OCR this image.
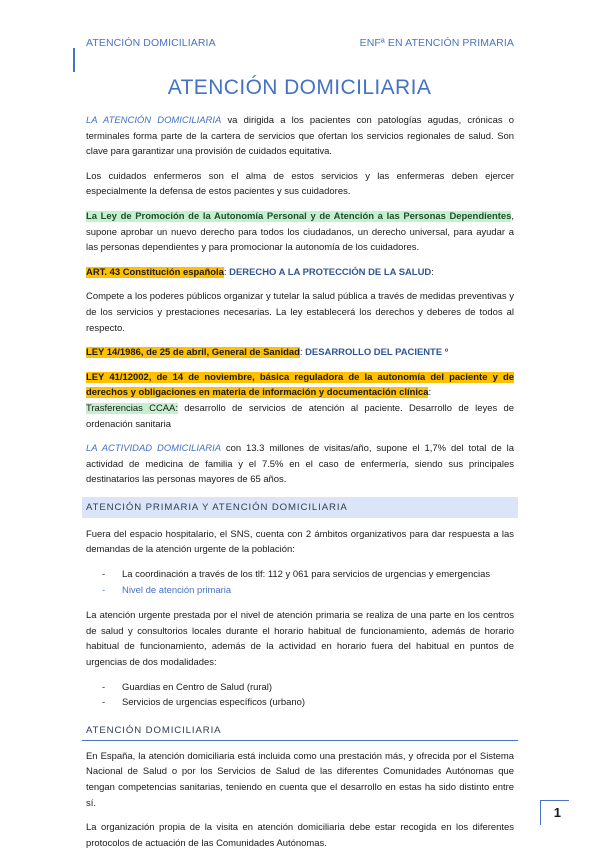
ATENCIÓN DOMICILIARIA	ENFª EN ATENCIÓN PRIMARIA
ATENCIÓN DOMICILIARIA

LA ATENCIÓN DOMICILIARIA va dirigida a los pacientes con patologías agudas, crónicas o terminales forma parte de la cartera de servicios que ofertan los servicios regionales de salud. Son clave para garantizar una provisión de cuidados equitativa.

Los cuidados enfermeros son el alma de estos servicios y las enfermeras deben ejercer especialmente la defensa de estos pacientes y sus cuidadores.

La Ley de Promoción de la Autonomía Personal y de Atención a las Personas Dependientes, supone aprobar un nuevo derecho para todos los ciudadanos, un derecho universal, para ayudar a las personas dependientes y para promocionar la autonomía de los cuidadores.

ART. 43 Constitución española: DERECHO A LA PROTECCIÓN DE LA SALUD:

Compete a los poderes públicos organizar y tutelar la salud pública a través de medidas preventivas y de los servicios y prestaciones necesarias. La ley establecerá los derechos y deberes de todos al respecto.

LEY 14/1986, de 25 de abril, General de Sanidad: DESARROLLO DEL PACIENTE º

LEY 41/12002, de 14 de noviembre, básica reguladora de la autonomía del paciente y de derechos y obligaciones en materia de información y documentación clínica:
Trasferencias CCAA: desarrollo de servicios de atención al paciente. Desarrollo de leyes de ordenación sanitaria

LA ACTIVIDAD DOMICILIARIA con 13.3 millones de visitas/año, supone el 1,7% del total de la actividad de medicina de familia y el 7.5% en el caso de enfermería, siendo sus principales destinatarios las personas mayores de 65 años.

ATENCIÓN PRIMARIA Y ATENCIÓN DOMICILIARIA

Fuera del espacio hospitalario, el SNS, cuenta con 2 ámbitos organizativos para dar respuesta a las demandas de la atención urgente de la población:

- La coordinación a través de los tlf: 112 y 061 para servicios de urgencias y emergencias
- Nivel de atención primaria

La atención urgente prestada por el nivel de atención primaria se realiza de una parte en los centros de salud y consultorios locales durante el horario habitual de funcionamiento, además de horario habitual de funcionamiento, además de la actividad en horario fuera del habitual en puntos de urgencias de dos modalidades:

- Guardias en Centro de Salud (rural)
- Servicios de urgencias específicos (urbano)
ATENCIÓN DOMICILIARIA

En España, la atención domiciliaria está incluida como una prestación más, y ofrecida por el Sistema Nacional de Salud o por los Servicios de Salud de las diferentes Comunidades Autónomas que tengan competencias sanitarias, teniendo en cuenta que el desarrollo en estas ha sido distinto entre sí.

La organización propia de la visita en atención domiciliaria debe estar recogida en los diferentes protocolos de actuación de las Comunidades Autónomas.

1
